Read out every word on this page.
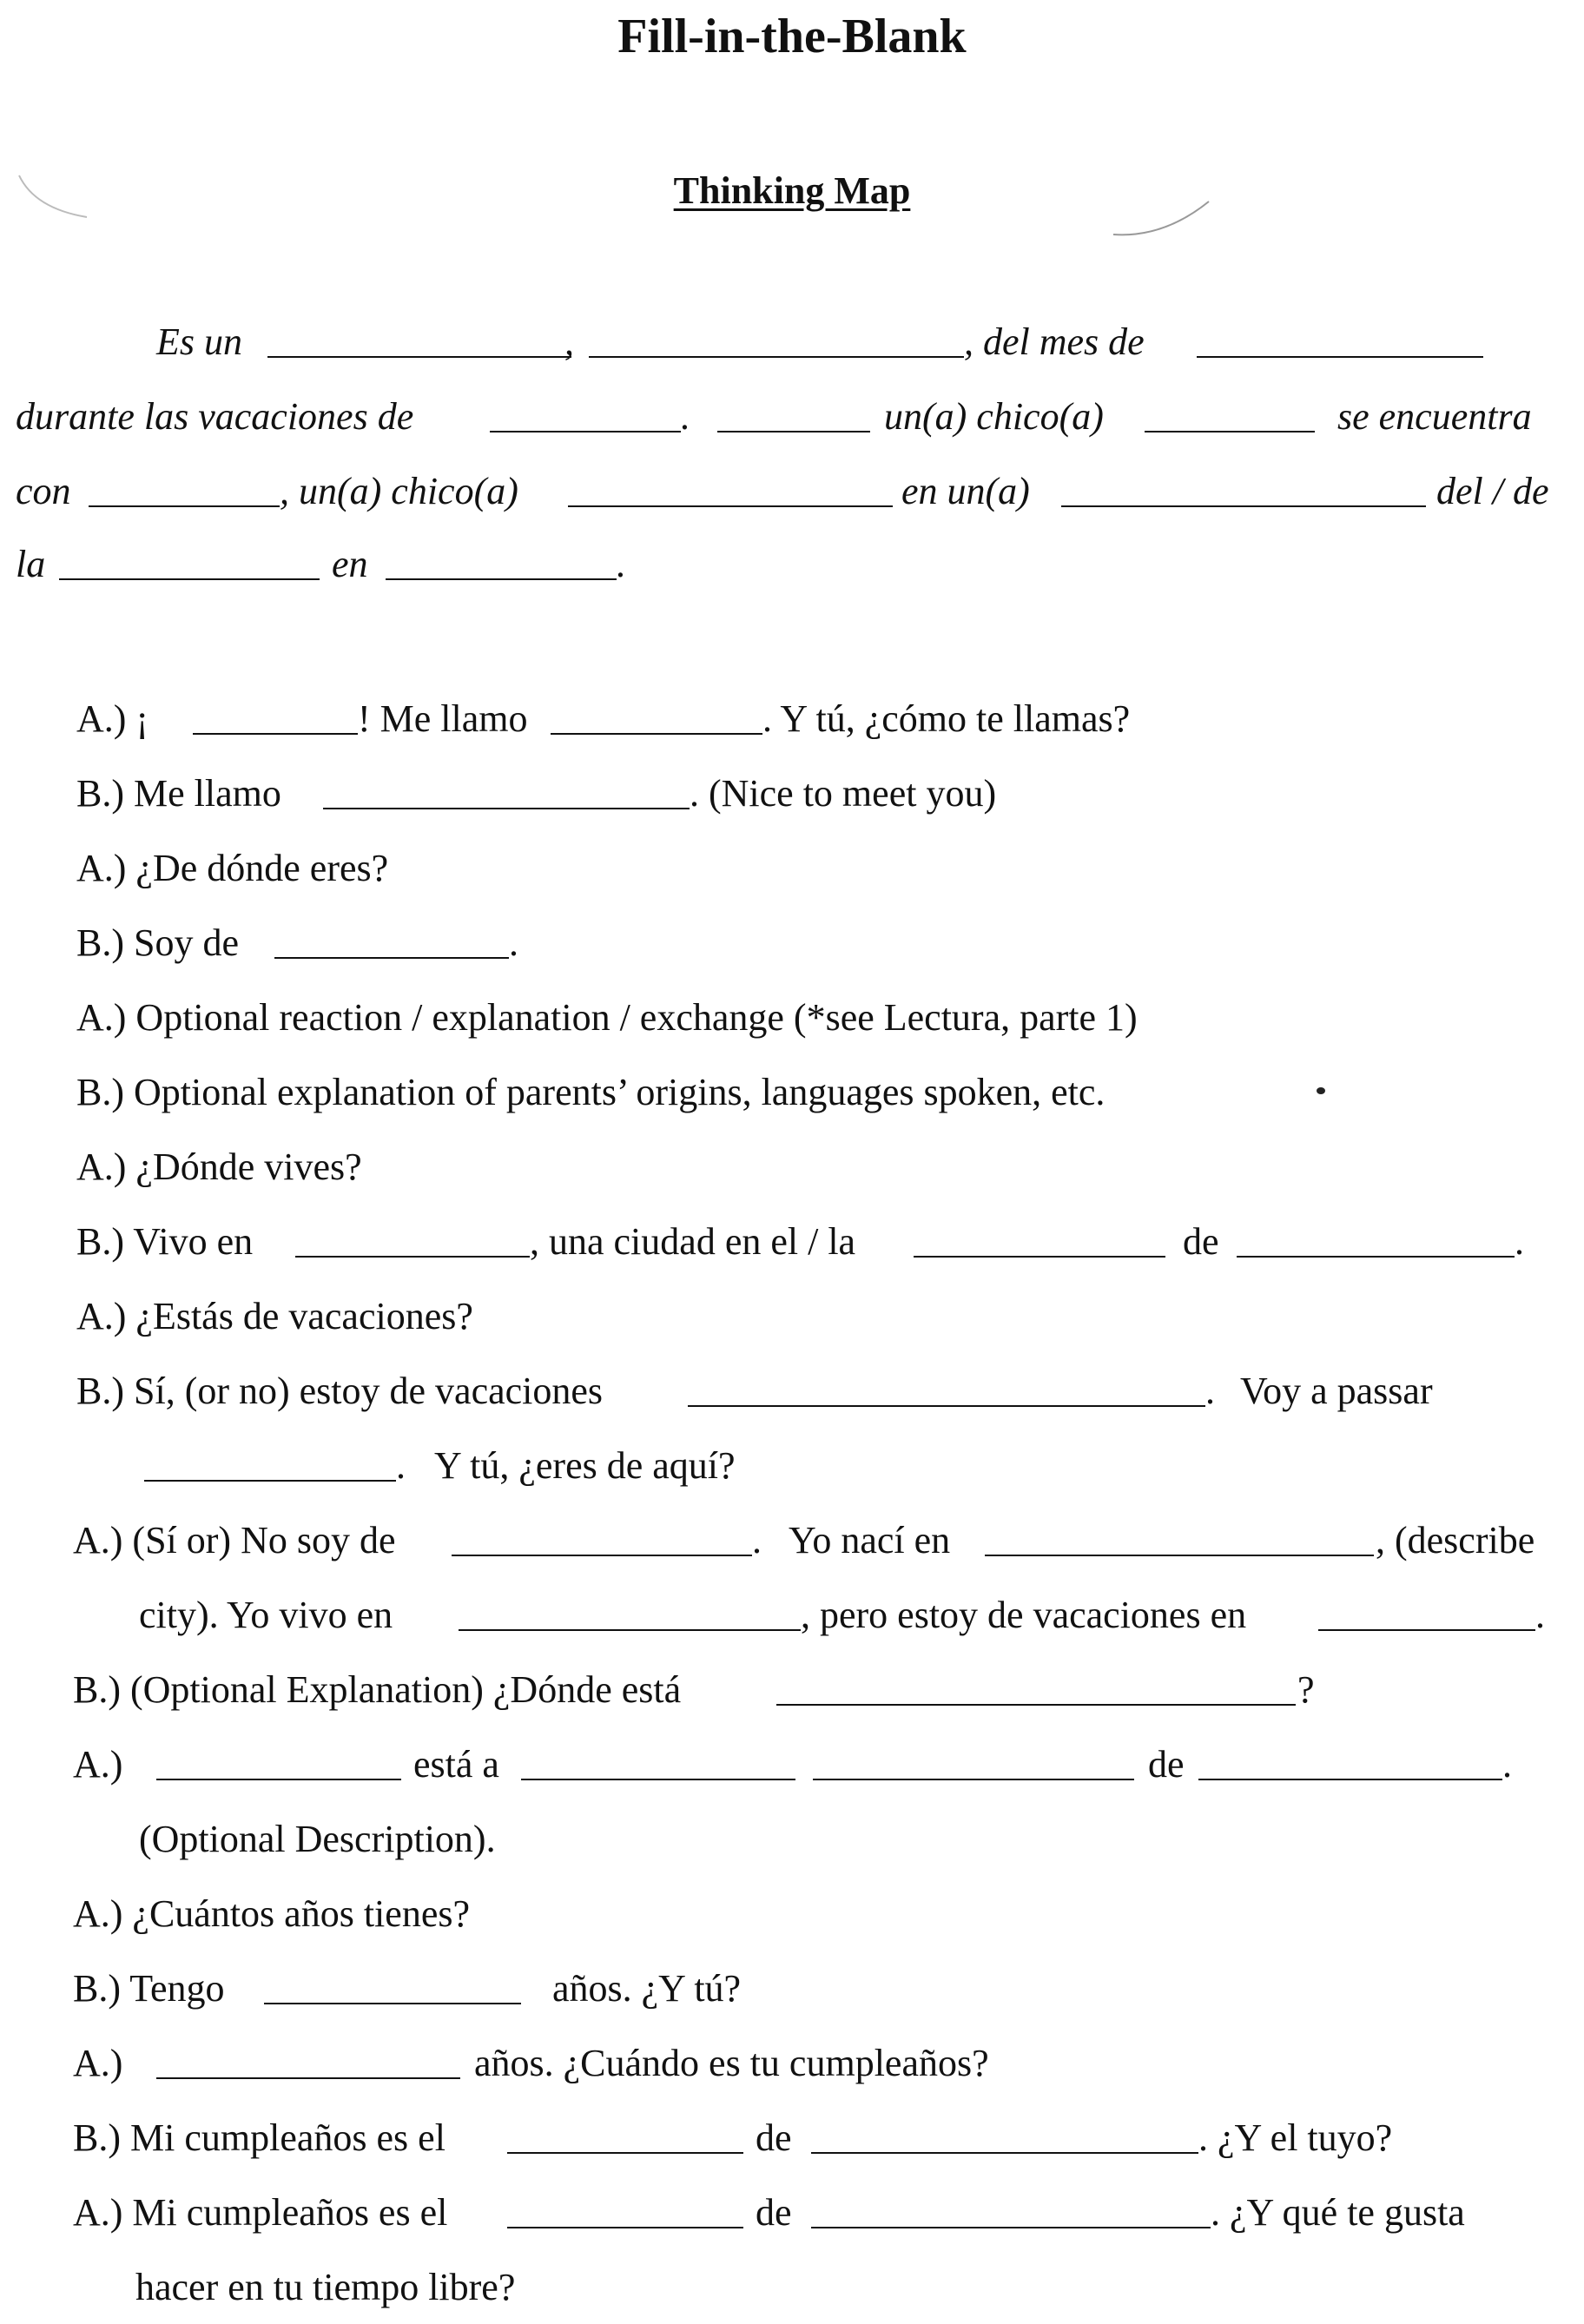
Fill-in-the-Blank
Thinking Map
Es un	,	, del mes de
durante las vacaciones de	.	un(a) chico(a)	se encuentra
con	, un(a) chico(a)	en un(a)	del / de
la	en	.
A.) ¡	! Me llamo	. Y tú, ¿cómo te llamas?
B.) Me llamo	. (Nice to meet you)
A.) ¿De dónde eres?
B.) Soy de	.
A.) Optional reaction / explanation / exchange (*see Lectura, parte 1)
B.) Optional explanation of parents’ origins, languages spoken, etc.
A.) ¿Dónde vives?
B.) Vivo en	, una ciudad en el / la	de	.
A.) ¿Estás de vacaciones?
B.) Sí, (or no) estoy de vacaciones	. Voy a passar
. Y tú, ¿eres de aquí?
A.) (Sí or) No soy de	. Yo nací en	, (describe
city). Yo vivo en	, pero estoy de vacaciones en	.
B.) (Optional Explanation) ¿Dónde está	?
A.)	está a	de	.
(Optional Description).
A.) ¿Cuántos años tienes?
B.) Tengo	años. ¿Y tú?
A.)	años. ¿Cuándo es tu cumpleaños?
B.) Mi cumpleaños es el	de	. ¿Y el tuyo?
A.) Mi cumpleaños es el	de	. ¿Y qué te gusta
hacer en tu tiempo libre?
